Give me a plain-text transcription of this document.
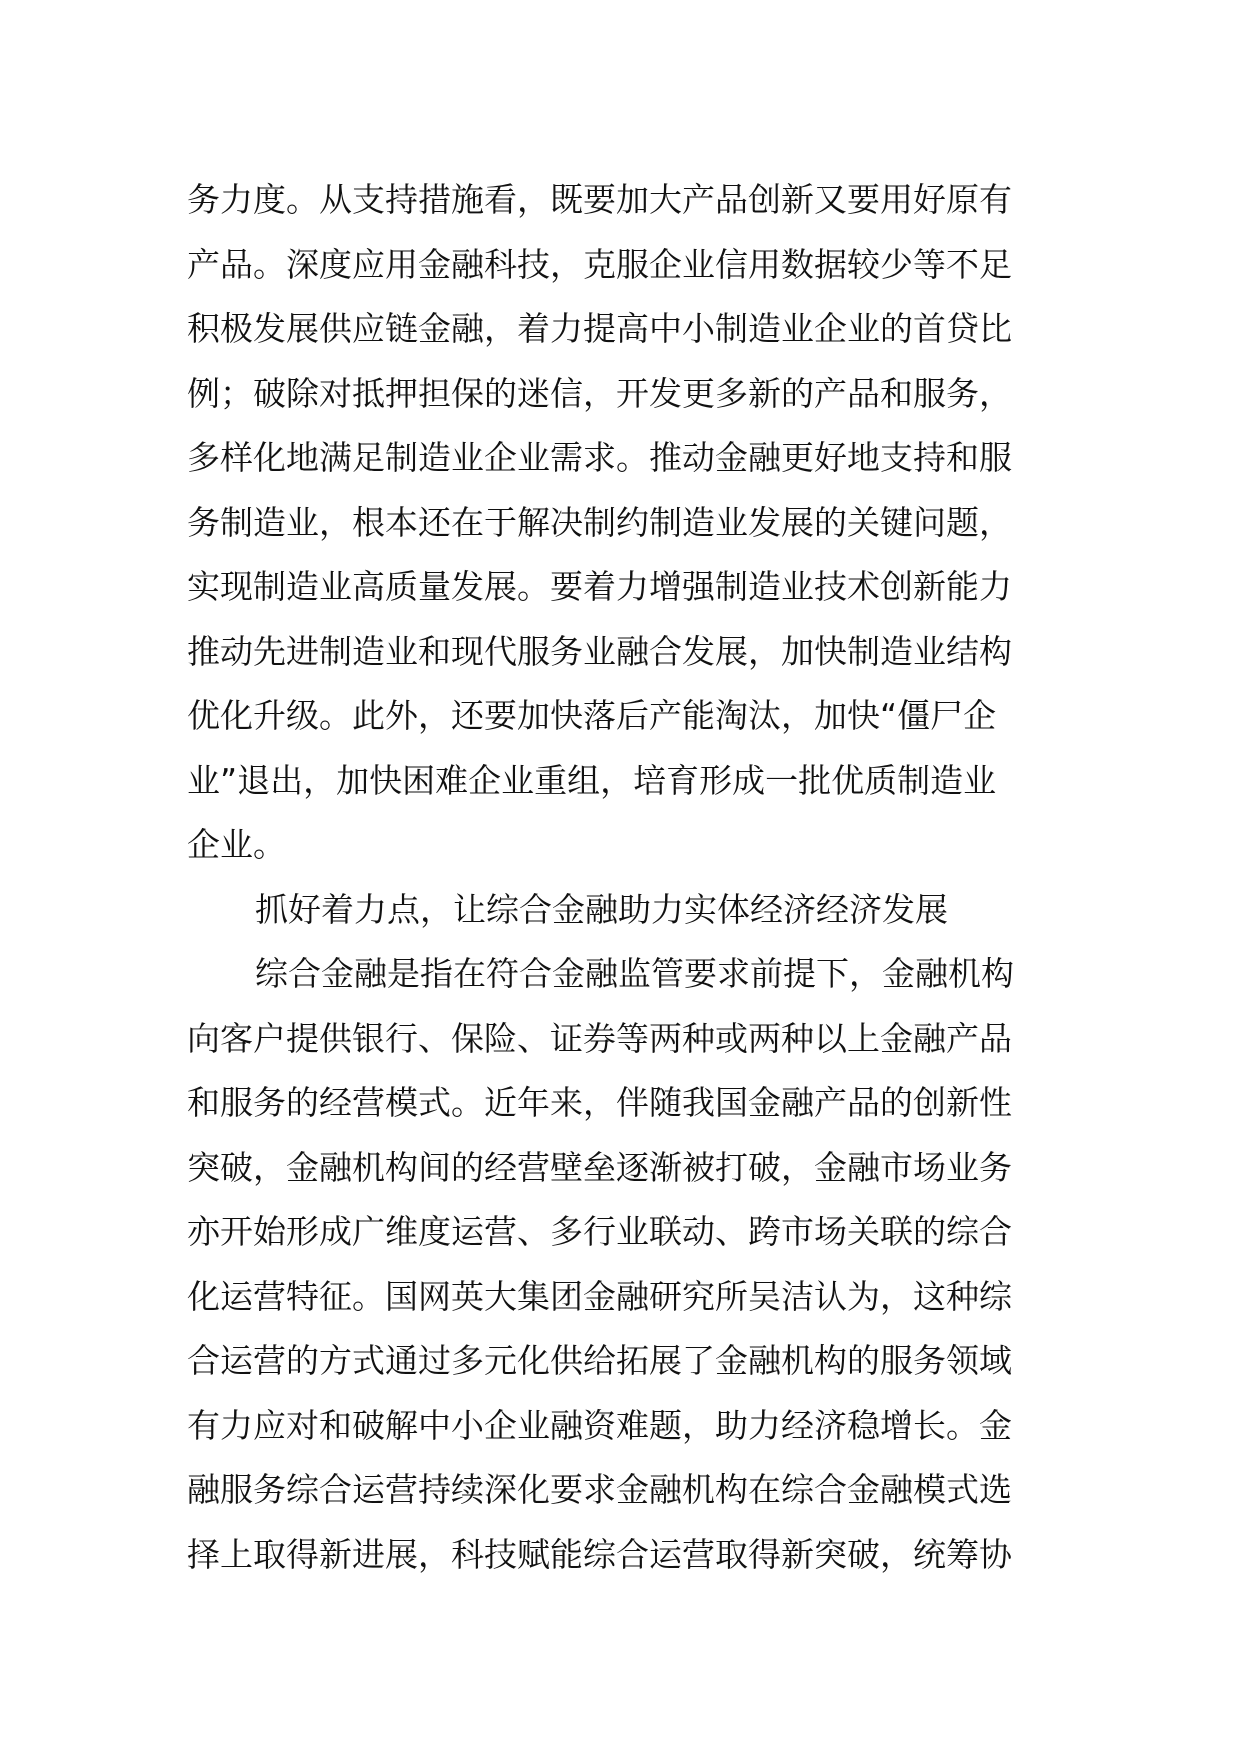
务力度。从支持措施看，既要加大产品创新又要用好原有
产品。深度应用金融科技，克服企业信用数据较少等不足
积极发展供应链金融，着力提高中小制造业企业的首贷比
例；破除对抵押担保的迷信，开发更多新的产品和服务，
多样化地满足制造业企业需求。推动金融更好地支持和服
务制造业，根本还在于解决制约制造业发展的关键问题，
实现制造业高质量发展。要着力增强制造业技术创新能力
推动先进制造业和现代服务业融合发展，加快制造业结构
优化升级。此外，还要加快落后产能淘汰，加快“僵尸企
业”退出，加快困难企业重组，培育形成一批优质制造业
企业。
抓好着力点，让综合金融助力实体经济经济发展
综合金融是指在符合金融监管要求前提下，金融机构
向客户提供银行、保险、证券等两种或两种以上金融产品
和服务的经营模式。近年来，伴随我国金融产品的创新性
突破，金融机构间的经营壁垒逐渐被打破，金融市场业务
亦开始形成广维度运营、多行业联动、跨市场关联的综合
化运营特征。国网英大集团金融研究所吴洁认为，这种综
合运营的方式通过多元化供给拓展了金融机构的服务领域
有力应对和破解中小企业融资难题，助力经济稳增长。金
融服务综合运营持续深化要求金融机构在综合金融模式选
择上取得新进展，科技赋能综合运营取得新突破，统筹协
